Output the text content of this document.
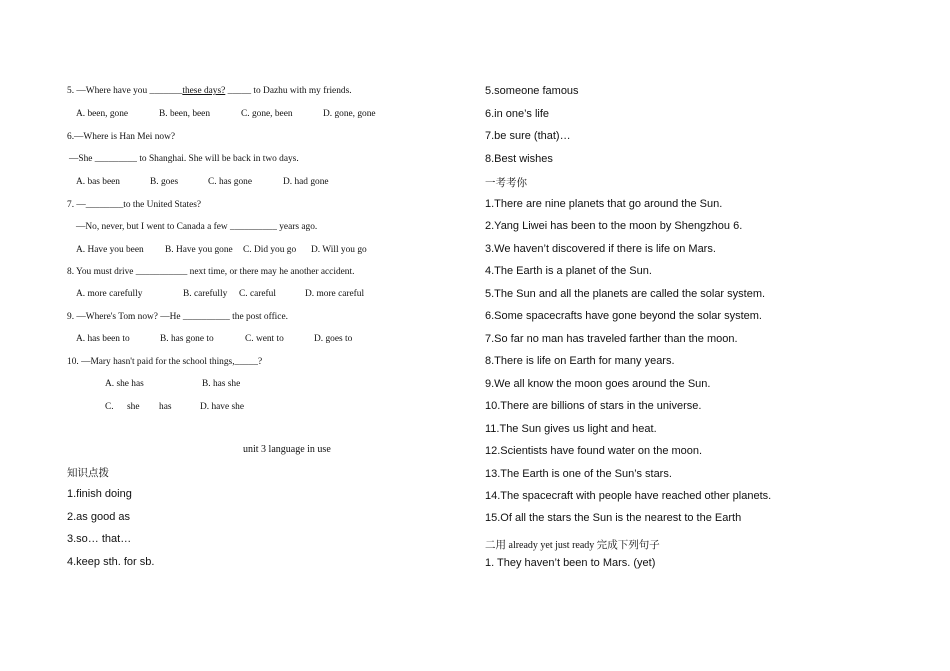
5. —Where have you _______these days? _____ to Dazhu with my friends.
A. been, gone	B. been, been	C. gone, been	D. gone, gone
6.—Where is Han Mei now?
—She _________ to Shanghai. She will be back in two days.
A. bas been	B. goes	C. has gone	D. had gone
7. —________to the United States?
—No, never, but I went to Canada a few __________ years ago.
A. Have you been B. Have you gone C. Did you go D. Will you go
8. You must drive ___________ next time, or there may he another accident.
A. more carefully	B. carefully C. careful	D. more careful
9. —Where's Tom now? —He __________ the post office.
A. has been to	B. has gone to	C. went to	D. goes to
10. —Mary hasn't paid for the school things,_____?
A. she has	B. has she
C. she has	D. have she
unit 3 language in use
知识点拨
1.finish doing
2.as good as
3.so… that…
4.keep sth. for sb.
5.someone famous
6.in one’s life
7.be sure (that)…
8.Best wishes
一考考你
1.There are nine planets that go around the Sun.
2.Yang Liwei has been to the moon by Shengzhou 6.
3.We haven’t discovered if there is life on Mars.
4.The Earth is a planet of the Sun.
5.The Sun and all the planets are called the solar system.
6.Some spacecrafts have gone beyond the solar system.
7.So far no man has traveled farther than the moon.
8.There is life on Earth for many years.
9.We all know the moon goes around the Sun.
10.There are billions of stars in the universe.
11.The Sun gives us light and heat.
12.Scientists have found water on the moon.
13.The Earth is one of the Sun’s stars.
14.The spacecraft with people have reached other planets.
15.Of all the stars the Sun is the nearest to the Earth
二用 already yet just ready 完成下列句子
1. They haven’t been to Mars. (yet)
